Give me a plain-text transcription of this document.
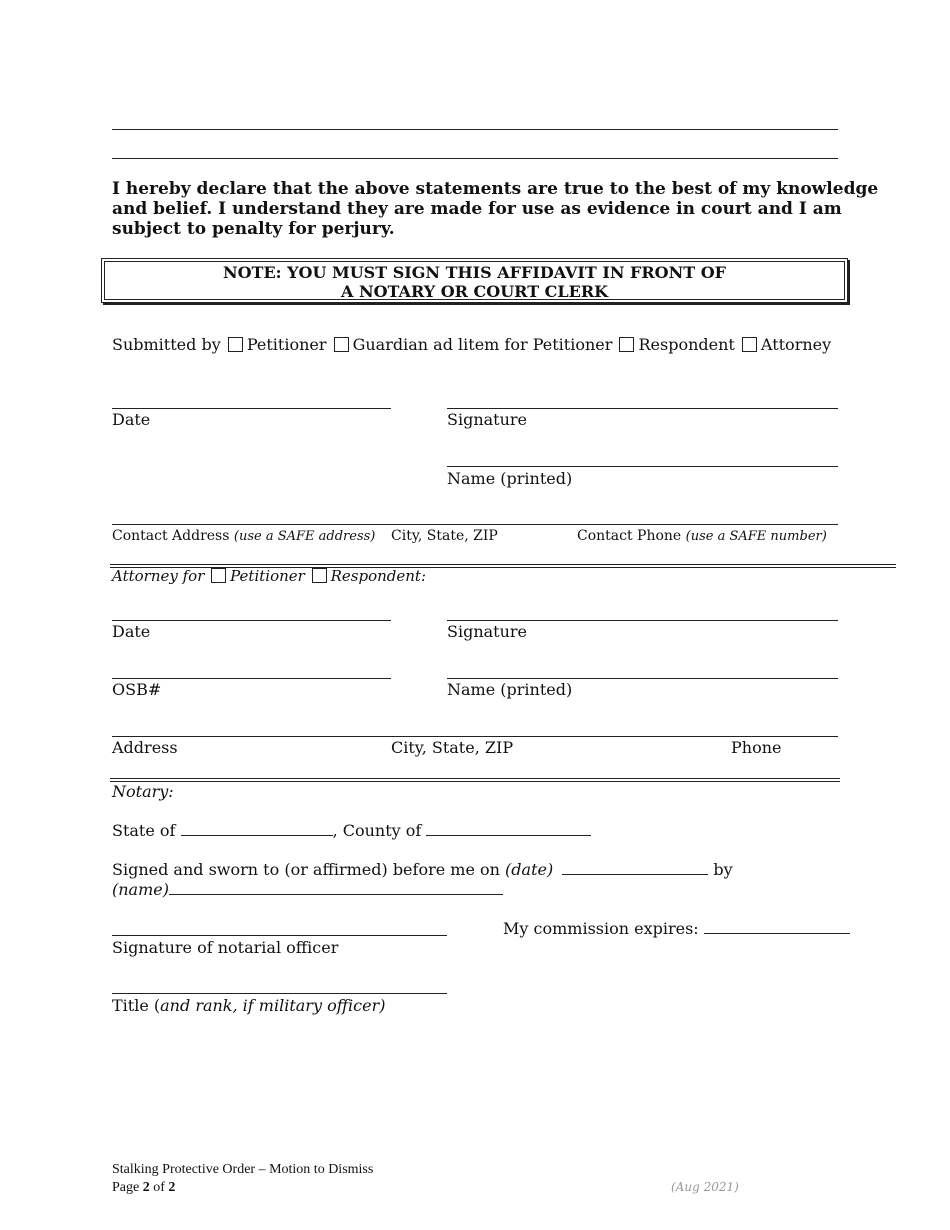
I hereby declare that the above statements are true to the best of my knowledge
and belief. I understand they are made for use as evidence in court and I am
subject to penalty for perjury.
NOTE: YOU MUST SIGN THIS AFFIDAVIT IN FRONT OF
A NOTARY OR COURT CLERK
Submitted by Petitioner Guardian ad litem for Petitioner Respondent Attorney
Date	Signature
Name (printed)
Contact Address (use a SAFE address) City, State, ZIP	Contact Phone (use a SAFE number)
Attorney for Petitioner Respondent:
Date	Signature
OSB#	Name (printed)
Address	City, State, ZIP	Phone
Notary:
State of	, County of
Signed and sworn to (or affirmed) before me on (date)	by
(name)
Signature of notarial officer
My commission expires:
Title (and rank, if military officer)
Stalking Protective Order – Motion to Dismiss
Page 2 of 2	(Aug 2021)
